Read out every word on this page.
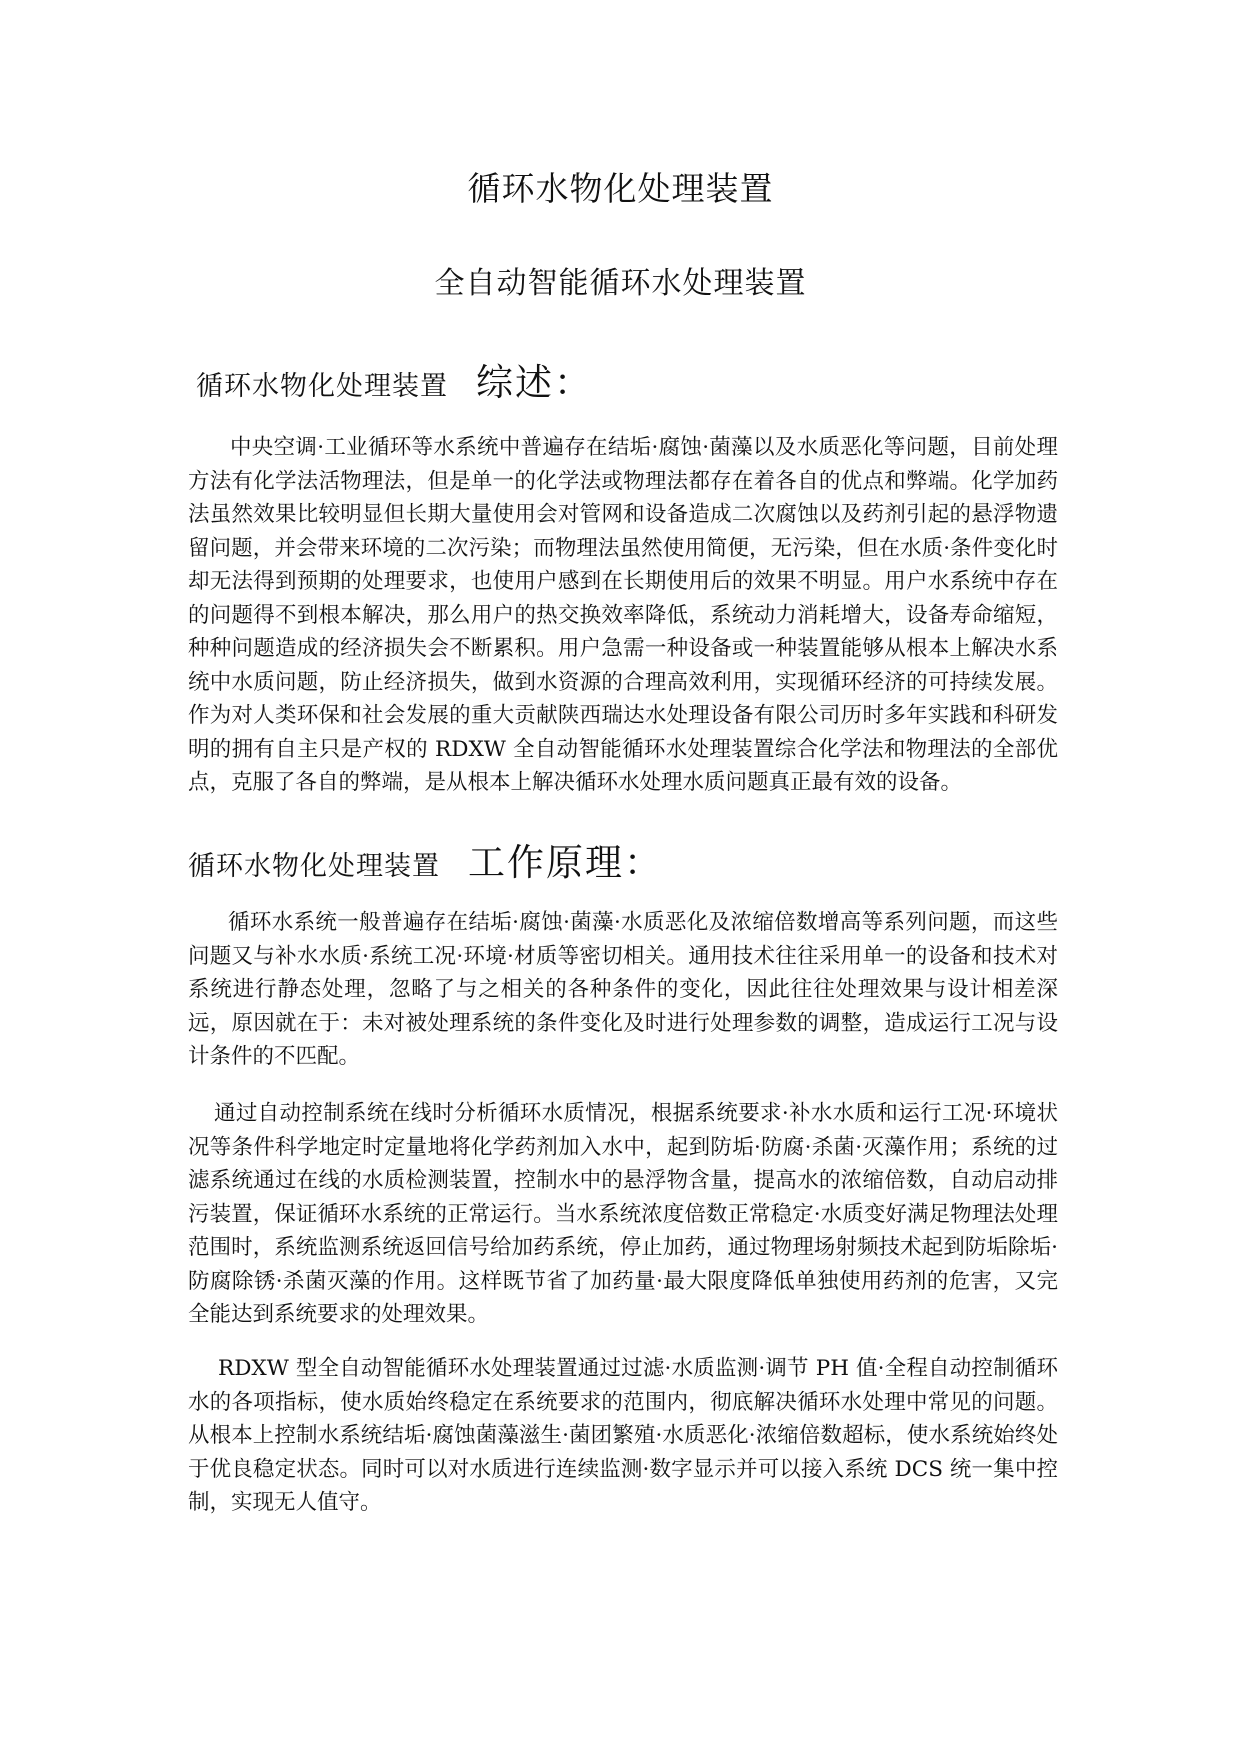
循环水物化处理装置
全自动智能循环水处理装置
循环水物化处理装置 综述：

中央空调·工业循环等水系统中普遍存在结垢·腐蚀·菌藻以及水质恶化等问题，目前处理方法有化学法活物理法，但是单一的化学法或物理法都存在着各自的优点和弊端。化学加药法虽然效果比较明显但长期大量使用会对管网和设备造成二次腐蚀以及药剂引起的悬浮物遗留问题，并会带来环境的二次污染；而物理法虽然使用简便，无污染，但在水质·条件变化时却无法得到预期的处理要求，也使用户感到在长期使用后的效果不明显。用户水系统中存在的问题得不到根本解决，那么用户的热交换效率降低，系统动力消耗增大，设备寿命缩短，种种问题造成的经济损失会不断累积。用户急需一种设备或一种装置能够从根本上解决水系统中水质问题，防止经济损失，做到水资源的合理高效利用，实现循环经济的可持续发展。作为对人类环保和社会发展的重大贡献陕西瑞达水处理设备有限公司历时多年实践和科研发明的拥有自主只是产权的 RDXW 全自动智能循环水处理装置综合化学法和物理法的全部优点，克服了各自的弊端，是从根本上解决循环水处理水质问题真正最有效的设备。

循环水物化处理装置 工作原理：

循环水系统一般普遍存在结垢·腐蚀·菌藻·水质恶化及浓缩倍数增高等系列问题，而这些问题又与补水水质·系统工况·环境·材质等密切相关。通用技术往往采用单一的设备和技术对系统进行静态处理，忽略了与之相关的各种条件的变化，因此往往处理效果与设计相差深远，原因就在于：未对被处理系统的条件变化及时进行处理参数的调整，造成运行工况与设计条件的不匹配。

通过自动控制系统在线时分析循环水质情况，根据系统要求·补水水质和运行工况·环境状况等条件科学地定时定量地将化学药剂加入水中，起到防垢·防腐·杀菌·灭藻作用；系统的过滤系统通过在线的水质检测装置，控制水中的悬浮物含量，提高水的浓缩倍数，自动启动排污装置，保证循环水系统的正常运行。当水系统浓度倍数正常稳定·水质变好满足物理法处理范围时，系统监测系统返回信号给加药系统，停止加药，通过物理场射频技术起到防垢除垢·防腐除锈·杀菌灭藻的作用。这样既节省了加药量·最大限度降低单独使用药剂的危害，又完全能达到系统要求的处理效果。

RDXW 型全自动智能循环水处理装置通过过滤·水质监测·调节 PH 值·全程自动控制循环水的各项指标，使水质始终稳定在系统要求的范围内，彻底解决循环水处理中常见的问题。从根本上控制水系统结垢·腐蚀菌藻滋生·菌团繁殖·水质恶化·浓缩倍数超标，使水系统始终处于优良稳定状态。同时可以对水质进行连续监测·数字显示并可以接入系统 DCS 统一集中控制，实现无人值守。
